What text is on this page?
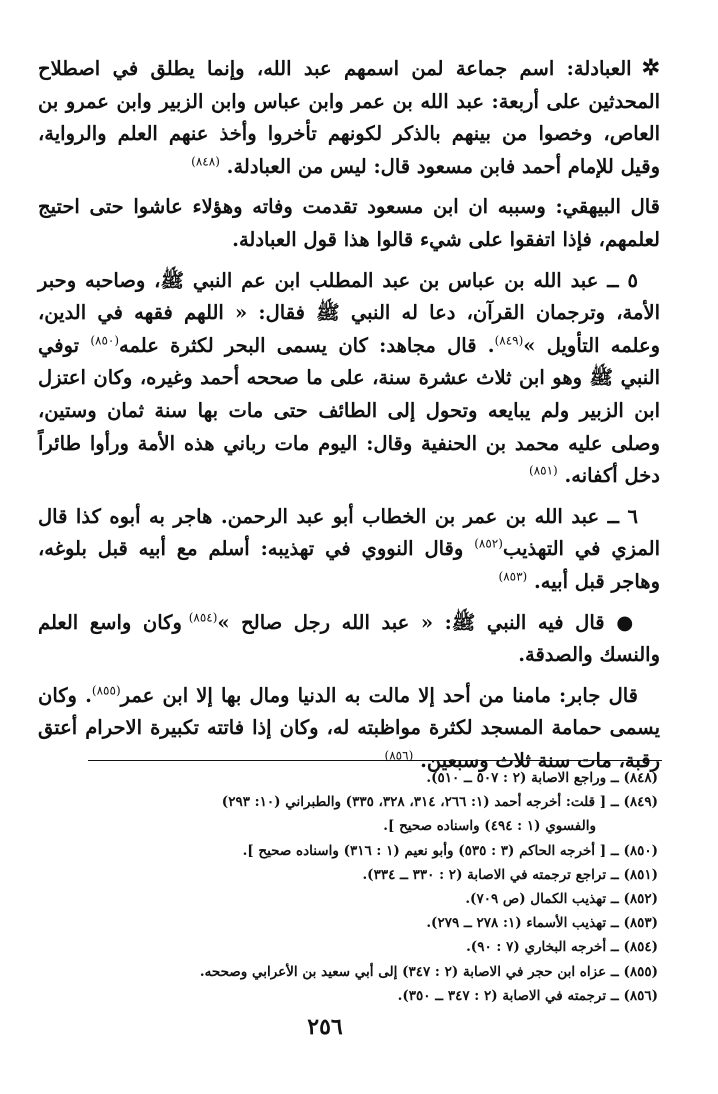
✲العبادلة: اسم جماعة لمن اسمهم عبد الله، وإنما يطلق في اصطلاح المحدثين على أربعة: عبد الله بن عمر وابن عباس وابن الزبير وابن عمرو بن العاص، وخصوا من بينهم بالذكر لكونهم تأخروا وأخذ عنهم العلم والرواية، وقيل للإمام أحمد فابن مسعود قال: ليس من العبادلة. $^{(٨٤٨)}$

قال البيهقي: وسببه ان ابن مسعود تقدمت وفاته وهؤلاء عاشوا حتى احتيج لعلمهم، فإذا اتفقوا على شيء قالوا هذا قول العبادلة.

٥ ــ عبد الله بن عباس بن عبد المطلب ابن عم النبي ﷺ، وصاحبه وحبر الأمة، وترجمان القرآن، دعا له النبي ﷺ فقال: « اللهم فقهه في الدين، وعلمه التأويل »$^{(٨٤٩)}$. قال مجاهد: كان يسمى البحر لكثرة علمه$^{(٨٥٠)}$ توفي النبي ﷺ وهو ابن ثلاث عشرة سنة، على ما صححه أحمد وغيره، وكان اعتزل ابن الزبير ولم يبايعه وتحول إلى الطائف حتى مات بها سنة ثمان وستين، وصلى عليه محمد بن الحنفية وقال: اليوم مات رباني هذه الأمة ورأوا طائراً دخل أكفانه. $^{(٨٥١)}$

٦ ــ عبد الله بن عمر بن الخطاب أبو عبد الرحمن. هاجر به أبوه كذا قال المزي في التهذيب$^{(٨٥٢)}$ وقال النووي في تهذيبه: أسلم مع أبيه قبل بلوغه، وهاجر قبل أبيه. $^{(٨٥٣)}$

● قال فيه النبي ﷺ: « عبد الله رجل صالح »$^{(٨٥٤)}$ وكان واسع العلم والنسك والصدقة.

قال جابر: مامنا من أحد إلا مالت به الدنيا ومال بها إلا ابن عمر$^{(٨٥٥)}$. وكان يسمى حمامة المسجد لكثرة مواظبته له، وكان إذا فاتته تكبيرة الاحرام أعتق رقبة، مات سنة ثلاث وسبعين. $^{(٨٥٦)}$

(٨٤٨) ــ وراجع الاصابة (٢ : ٥٠٧ ــ ٥١٠).

(٨٤٩) ــ [ قلت: أخرجه أحمد (١: ٢٦٦، ٣١٤، ٣٢٨، ٣٣٥) والطبراني (١٠: ٢٩٣)

والفسوي (١ : ٤٩٤) واسناده صحيح ].

(٨٥٠) ــ [ أخرجه الحاكم (٣ : ٥٣٥) وأبو نعيم (١ : ٣١٦) واسناده صحيح ].

(٨٥١) ــ تراجع ترجمته في الاصابة (٢ : ٣٣٠ ــ ٣٣٤).

(٨٥٢) ــ تهذيب الكمال (ص ٧٠٩).

(٨٥٣) ــ تهذيب الأسماء (١: ٢٧٨ ــ ٢٧٩).

(٨٥٤) ــ أخرجه البخاري (٧ : ٩٠).

(٨٥٥) ــ عزاه ابن حجر في الاصابة (٢ : ٣٤٧) إلى أبي سعيد بن الأعرابي وصححه.

(٨٥٦) ــ ترجمته في الاصابة (٢ : ٣٤٧ ــ ٣٥٠).

٢٥٦
